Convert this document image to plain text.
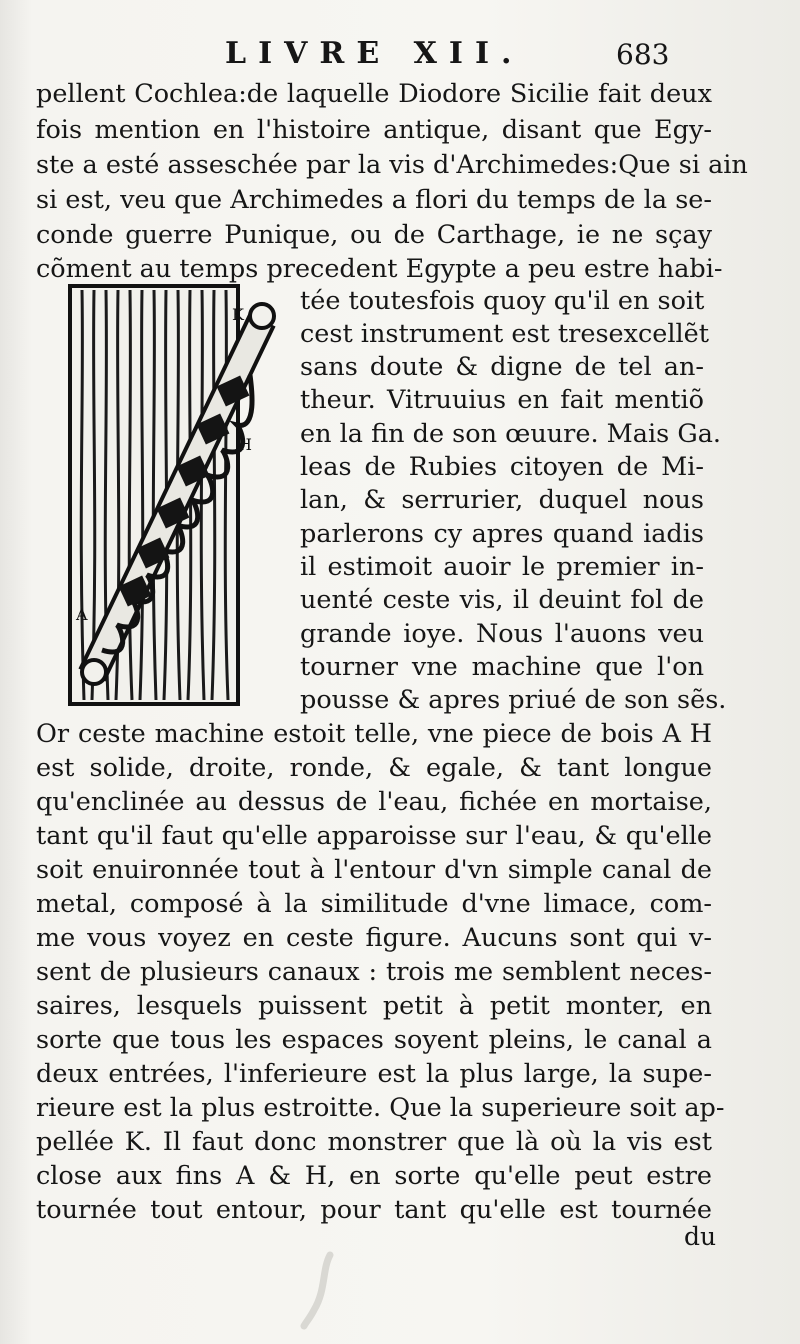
LIVRE XII.	683
pellent Cochlea:de laquelle Diodore Sicilie fait deux
fois mention en l'histoire antique, disant que Egy-
ste a esté asseschée par la vis d'Archimedes:Que si ain
si est, veu que Archimedes a flori du temps de la se-
conde guerre Punique, ou de Carthage, ie ne sçay
cõment au temps precedent Egypte a peu estre habi-
K
H
A
tée toutesfois quoy qu'il en soit
cest instrument est tresexcellẽt
sans doute & digne de tel an-
theur. Vitruuius en fait mentiõ
en la fin de son œuure. Mais Ga.
leas de Rubies citoyen de Mi-
lan, & serrurier, duquel nous
parlerons cy apres quand iadis
il estimoit auoir le premier in-
uenté ceste vis, il deuint fol de
grande ioye. Nous l'auons veu
tourner vne machine que l'on
pousse & apres priué de son sẽs.
Or ceste machine estoit telle, vne piece de bois A H
est solide, droite, ronde, & egale, & tant longue
qu'enclinée au dessus de l'eau, fichée en mortaise,
tant qu'il faut qu'elle apparoisse sur l'eau, & qu'elle
soit enuironnée tout à l'entour d'vn simple canal de
metal, composé à la similitude d'vne limace, com-
me vous voyez en ceste figure. Aucuns sont qui v-
sent de plusieurs canaux : trois me semblent neces-
saires, lesquels puissent petit à petit monter, en
sorte que tous les espaces soyent pleins, le canal a
deux entrées, l'inferieure est la plus large, la supe-
rieure est la plus estroitte. Que la superieure soit ap-
pellée K. Il faut donc monstrer que là où la vis est
close aux fins A & H, en sorte qu'elle peut estre
tournée tout entour, pour tant qu'elle est tournée
du
